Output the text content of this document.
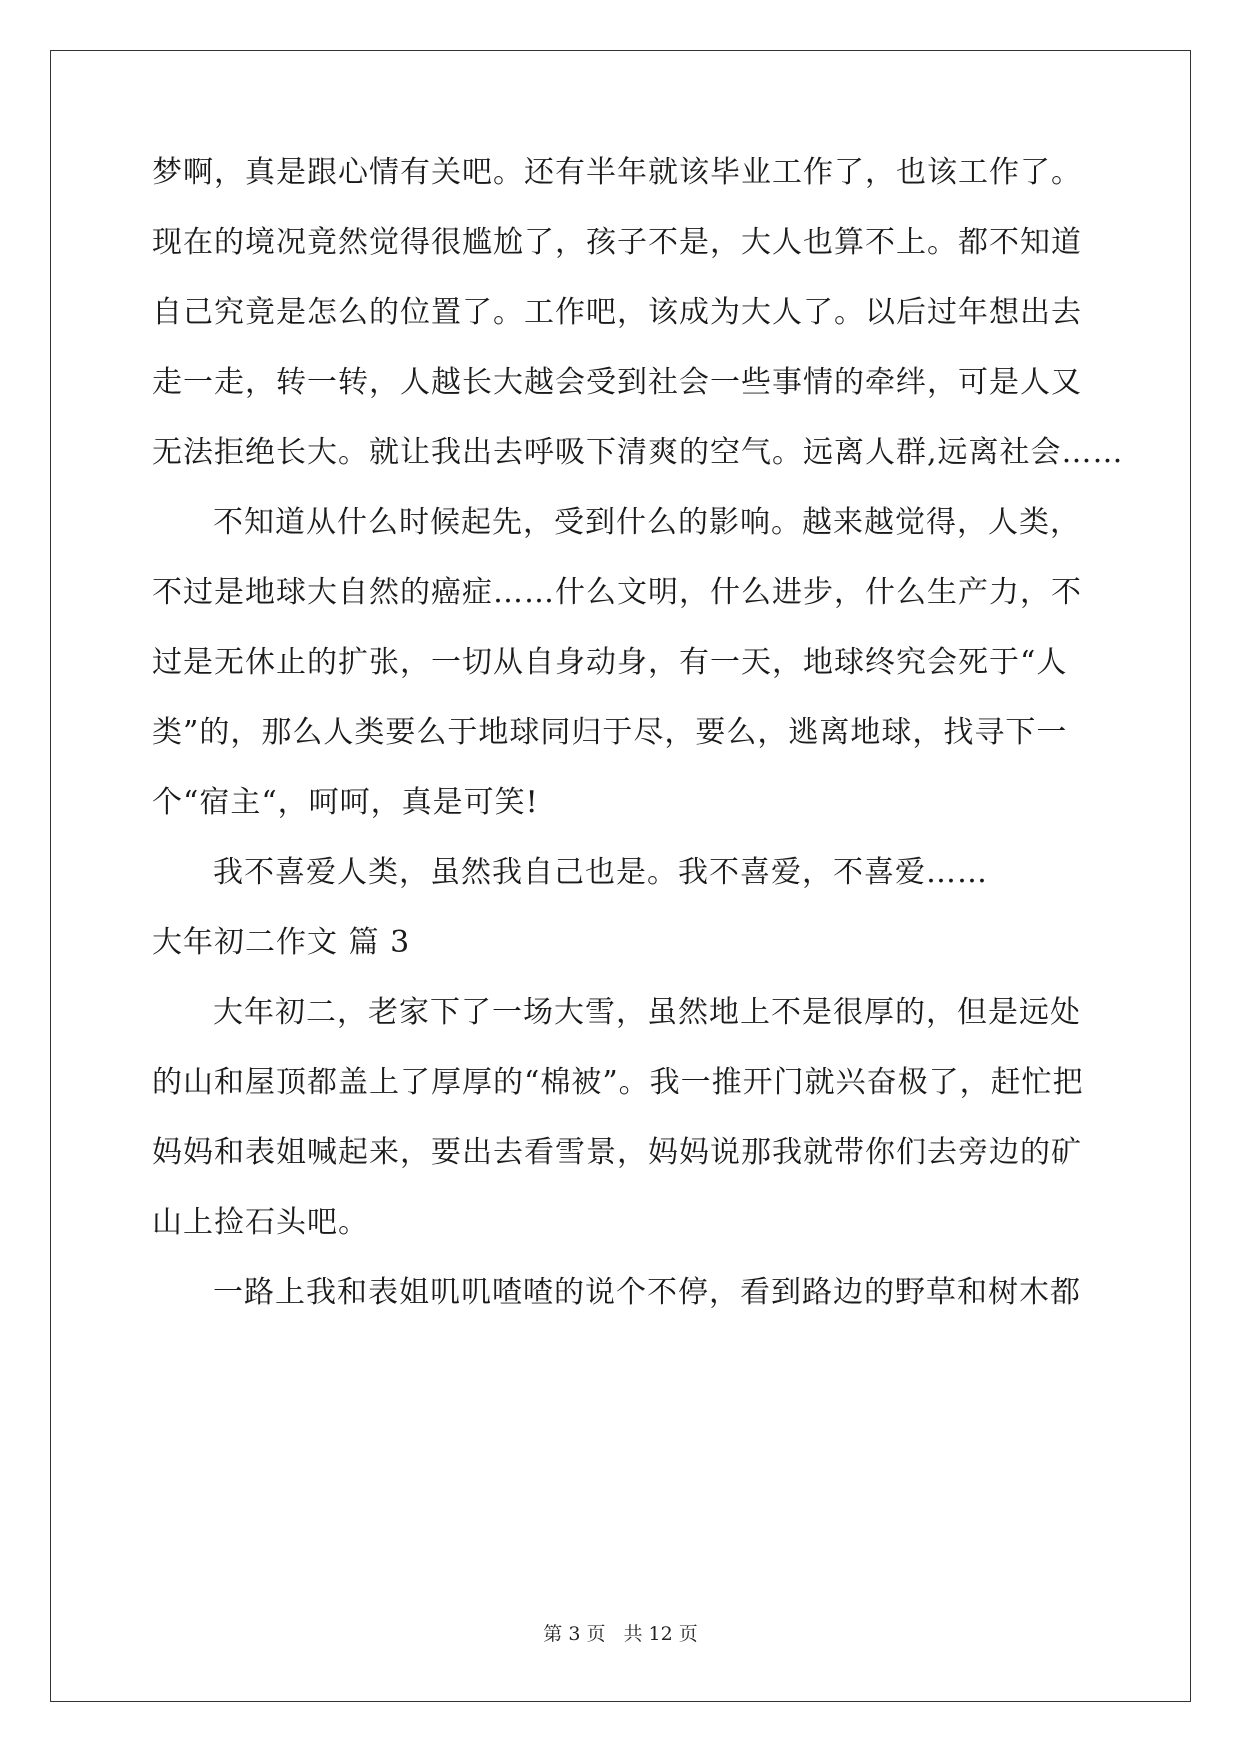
梦啊，真是跟心情有关吧。还有半年就该毕业工作了，也该工作了。
现在的境况竟然觉得很尴尬了，孩子不是，大人也算不上。都不知道
自己究竟是怎么的位置了。工作吧，该成为大人了。以后过年想出去
走一走，转一转，人越长大越会受到社会一些事情的牵绊，可是人又
无法拒绝长大。就让我出去呼吸下清爽的空气。远离人群,远离社会……
不知道从什么时候起先，受到什么的影响。越来越觉得，人类，
不过是地球大自然的癌症……什么文明，什么进步，什么生产力，不
过是无休止的扩张，一切从自身动身，有一天，地球终究会死于“人
类”的，那么人类要么于地球同归于尽，要么，逃离地球，找寻下一
个“宿主“，呵呵，真是可笑!
我不喜爱人类，虽然我自己也是。我不喜爱，不喜爱……
大年初二作文 篇 3
大年初二，老家下了一场大雪，虽然地上不是很厚的，但是远处
的山和屋顶都盖上了厚厚的“棉被”。我一推开门就兴奋极了，赶忙把
妈妈和表姐喊起来，要出去看雪景，妈妈说那我就带你们去旁边的矿
山上捡石头吧。
一路上我和表姐叽叽喳喳的说个不停，看到路边的野草和树木都
第 3 页 共 12 页
